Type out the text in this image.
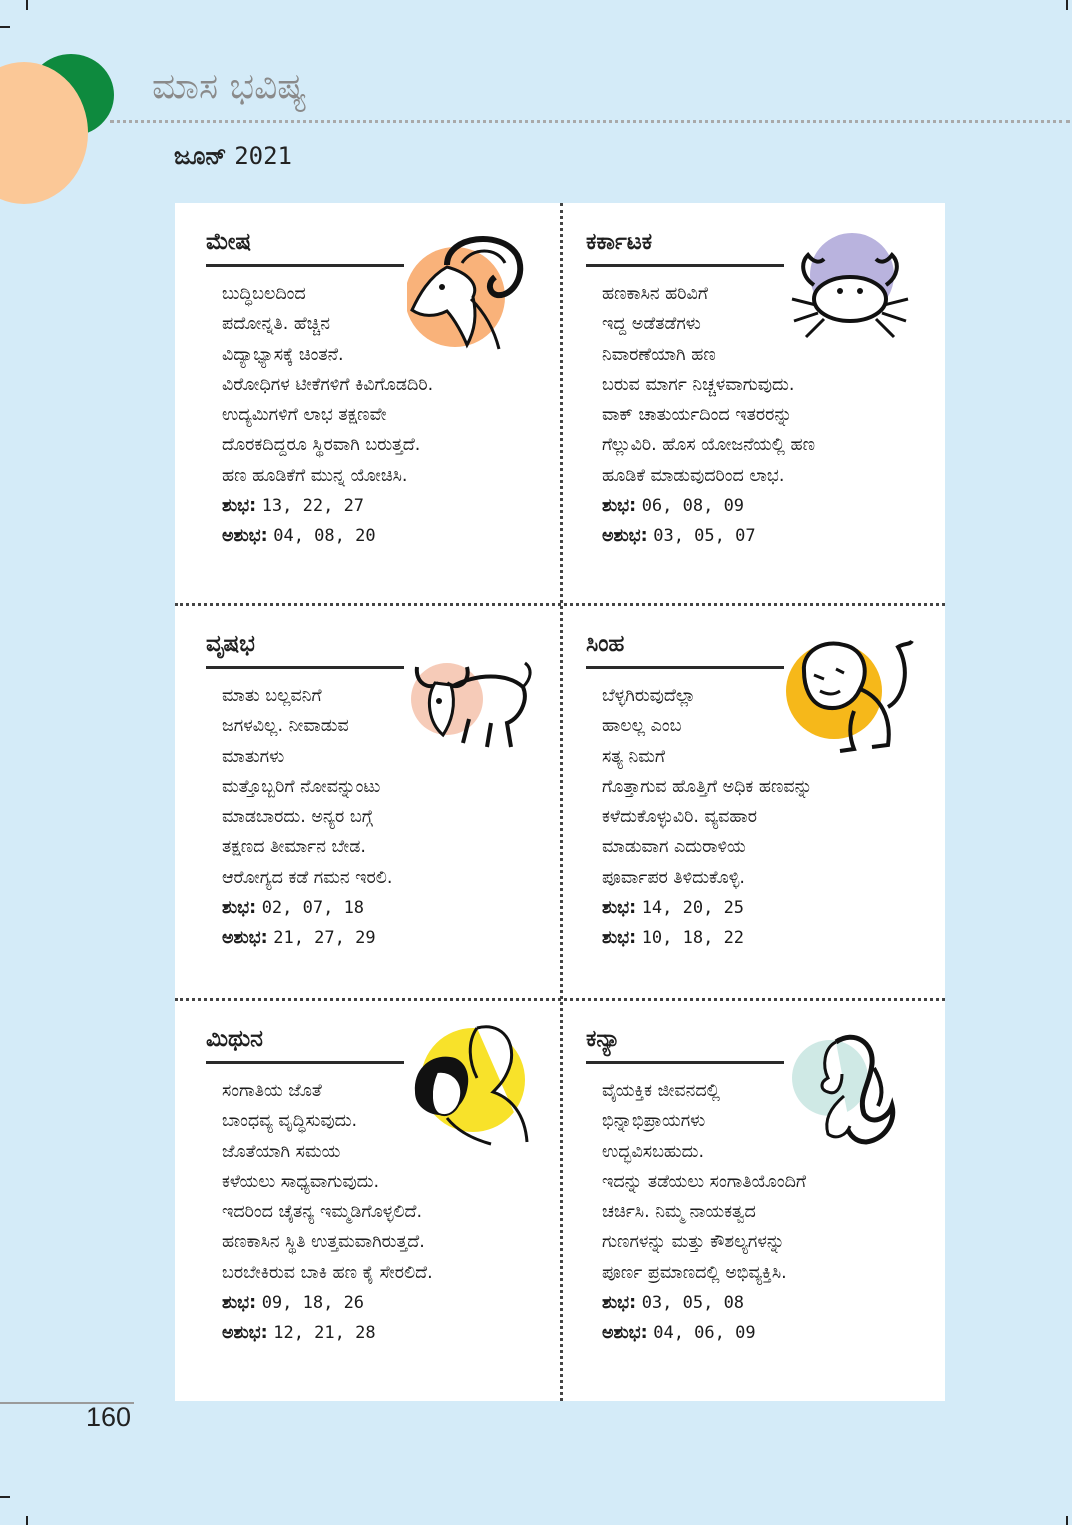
ಮಾಸ ಭವಿಷ್ಯ
ಜೂನ್ 2021
ಮೇಷ
ಬುದ್ಧಿಬಲದಿಂದ
ಪದೋನ್ನತಿ. ಹೆಚ್ಚಿನ
ವಿದ್ಯಾಭ್ಯಾಸಕ್ಕೆ ಚಿಂತನೆ.
ವಿರೋಧಿಗಳ ಟೀಕೆಗಳಿಗೆ ಕಿವಿಗೊಡದಿರಿ.
ಉದ್ಯಮಿಗಳಿಗೆ ಲಾಭ ತಕ್ಷಣವೇ
ದೊರಕದಿದ್ದರೂ ಸ್ಥಿರವಾಗಿ ಬರುತ್ತದೆ.
ಹಣ ಹೂಡಿಕೆಗೆ ಮುನ್ನ ಯೋಚಿಸಿ.
ಶುಭ: 13, 22, 27
ಅಶುಭ: 04, 08, 20
ಕರ್ಕಾಟಕ
ಹಣಕಾಸಿನ ಹರಿವಿಗೆ
ಇದ್ದ ಅಡೆತಡೆಗಳು
ನಿವಾರಣೆಯಾಗಿ ಹಣ
ಬರುವ ಮಾರ್ಗ ನಿಚ್ಚಳವಾಗುವುದು.
ವಾಕ್ ಚಾತುರ್ಯದಿಂದ ಇತರರನ್ನು
ಗೆಲ್ಲುವಿರಿ. ಹೊಸ ಯೋಜನೆಯಲ್ಲಿ ಹಣ
ಹೂಡಿಕೆ ಮಾಡುವುದರಿಂದ ಲಾಭ.
ಶುಭ: 06, 08, 09
ಅಶುಭ: 03, 05, 07
ವೃಷಭ
ಮಾತು ಬಲ್ಲವನಿಗೆ
ಜಗಳವಿಲ್ಲ. ನೀವಾಡುವ
ಮಾತುಗಳು
ಮತ್ತೊಬ್ಬರಿಗೆ ನೋವನ್ನುಂಟು
ಮಾಡಬಾರದು. ಅನ್ಯರ ಬಗ್ಗೆ
ತಕ್ಷಣದ ತೀರ್ಮಾನ ಬೇಡ.
ಆರೋಗ್ಯದ ಕಡೆ ಗಮನ ಇರಲಿ.
ಶುಭ: 02, 07, 18
ಅಶುಭ: 21, 27, 29
ಸಿಂಹ
ಬೆಳ್ಳಗಿರುವುದೆಲ್ಲಾ
ಹಾಲಲ್ಲ ಎಂಬ
ಸತ್ಯ ನಿಮಗೆ
ಗೊತ್ತಾಗುವ ಹೊತ್ತಿಗೆ ಅಧಿಕ ಹಣವನ್ನು
ಕಳೆದುಕೊಳ್ಳುವಿರಿ. ವ್ಯವಹಾರ
ಮಾಡುವಾಗ ಎದುರಾಳಿಯ
ಪೂರ್ವಾಪರ ತಿಳಿದುಕೊಳ್ಳಿ.
ಶುಭ: 14, 20, 25
ಶುಭ: 10, 18, 22
ಮಿಥುನ
ಸಂಗಾತಿಯ ಜೊತೆ
ಬಾಂಧವ್ಯ ವೃದ್ಧಿಸುವುದು.
ಜೊತೆಯಾಗಿ ಸಮಯ
ಕಳೆಯಲು ಸಾಧ್ಯವಾಗುವುದು.
ಇದರಿಂದ ಚೈತನ್ಯ ಇಮ್ಮಡಿಗೊಳ್ಳಲಿದೆ.
ಹಣಕಾಸಿನ ಸ್ಥಿತಿ ಉತ್ತಮವಾಗಿರುತ್ತದೆ.
ಬರಬೇಕಿರುವ ಬಾಕಿ ಹಣ ಕೈ ಸೇರಲಿದೆ.
ಶುಭ: 09, 18, 26
ಅಶುಭ: 12, 21, 28
ಕನ್ಯಾ
ವೈಯಕ್ತಿಕ ಜೀವನದಲ್ಲಿ
ಭಿನ್ನಾಭಿಪ್ರಾಯಗಳು
ಉದ್ಭವಿಸಬಹುದು.
ಇದನ್ನು ತಡೆಯಲು ಸಂಗಾತಿಯೊಂದಿಗೆ
ಚರ್ಚಿಸಿ. ನಿಮ್ಮ ನಾಯಕತ್ವದ
ಗುಣಗಳನ್ನು ಮತ್ತು ಕೌಶಲ್ಯಗಳನ್ನು
ಪೂರ್ಣ ಪ್ರಮಾಣದಲ್ಲಿ ಅಭಿವ್ಯಕ್ತಿಸಿ.
ಶುಭ: 03, 05, 08
ಅಶುಭ: 04, 06, 09
160
